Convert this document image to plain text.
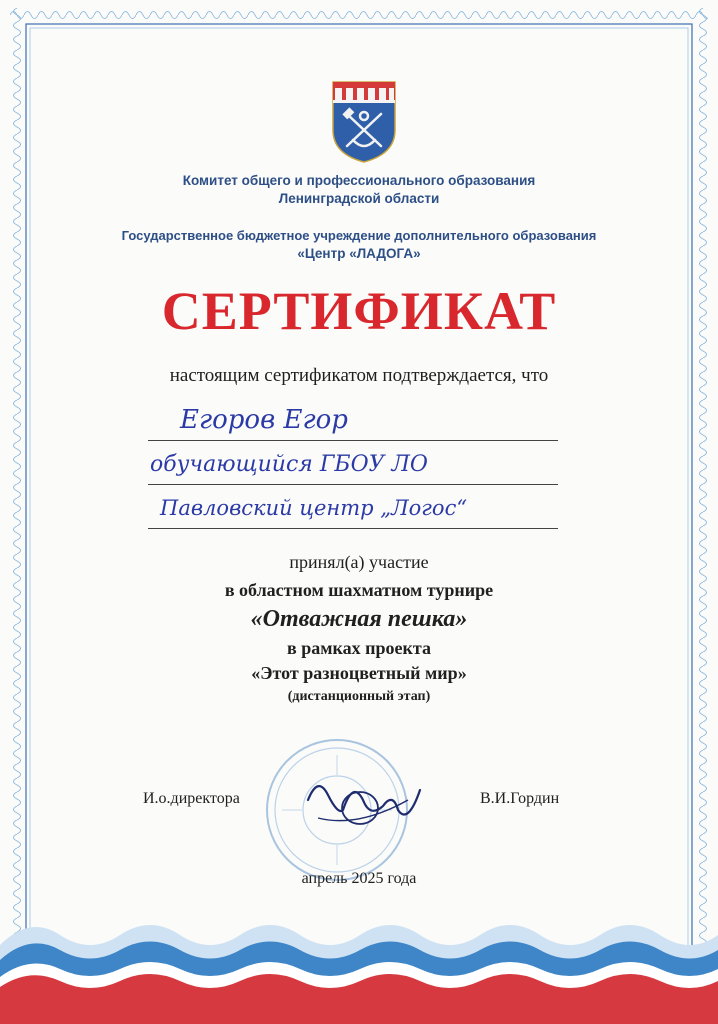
Комитет общего и профессионального образования
Ленинградской области
Государственное бюджетное учреждение дополнительного образования
«Центр «ЛАДОГА»
СЕРТИФИКАТ
настоящим сертификатом подтверждается, что
Егоров Егор
обучающийся ГБОУ ЛО
Павловский центр „Логос“
принял(а) участие
в областном шахматном турнире
«Отважная пешка»
в рамках проекта
«Этот разноцветный мир»
(дистанционный этап)
И.о.директора	В.И.Гордин
апрель 2025 года
